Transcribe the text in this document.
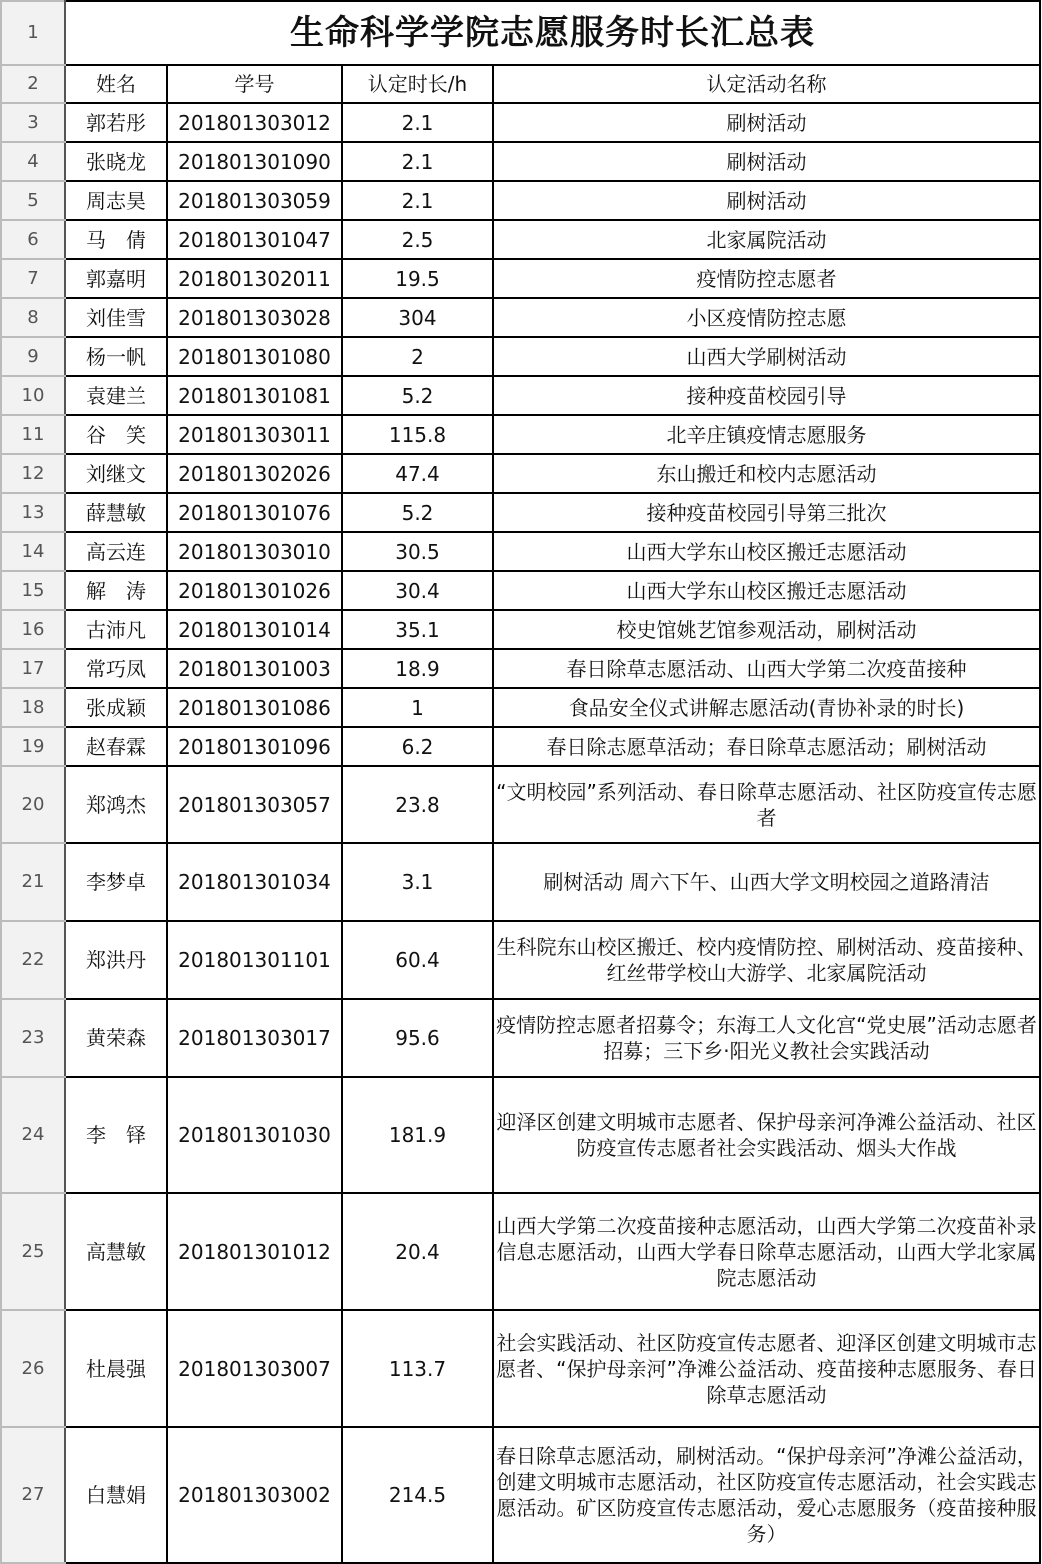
1	生命科学学院志愿服务时长汇总表			
2	姓名	学号	认定时长/h	认定活动名称
3	郭若彤	201801303012	2.1	刷树活动
4	张晓龙	201801301090	2.1	刷树活动
5	周志昊	201801303059	2.1	刷树活动
6	马　倩	201801301047	2.5	北家属院活动
7	郭嘉明	201801302011	19.5	疫情防控志愿者
8	刘佳雪	201801303028	304	小区疫情防控志愿
9	杨一帆	201801301080	2	山西大学刷树活动
10	袁建兰	201801301081	5.2	接种疫苗校园引导
11	谷　笑	201801303011	115.8	北辛庄镇疫情志愿服务
12	刘继文	201801302026	47.4	东山搬迁和校内志愿活动
13	薛慧敏	201801301076	5.2	接种疫苗校园引导第三批次
14	高云连	201801303010	30.5	山西大学东山校区搬迁志愿活动
15	解　涛	201801301026	30.4	山西大学东山校区搬迁志愿活动
16	古沛凡	201801301014	35.1	校史馆姚艺馆参观活动，刷树活动
17	常巧凤	201801301003	18.9	春日除草志愿活动、山西大学第二次疫苗接种
18	张成颖	201801301086	1	食品安全仪式讲解志愿活动(青协补录的时长)
19	赵春霖	201801301096	6.2	春日除志愿草活动；春日除草志愿活动；刷树活动
20	郑鸿杰	201801303057	23.8	“文明校园”系列活动、春日除草志愿活动、社区防疫宣传志愿者
21	李梦卓	201801301034	3.1	刷树活动 周六下午、山西大学文明校园之道路清洁
22	郑洪丹	201801301101	60.4	生科院东山校区搬迁、校内疫情防控、刷树活动、疫苗接种、红丝带学校山大游学、北家属院活动
23	黄荣森	201801303017	95.6	疫情防控志愿者招募令；东海工人文化宫“党史展”活动志愿者招募；三下乡·阳光义教社会实践活动
24	李　铎	201801301030	181.9	迎泽区创建文明城市志愿者、保护母亲河净滩公益活动、社区防疫宣传志愿者社会实践活动、烟头大作战
25	高慧敏	201801301012	20.4	山西大学第二次疫苗接种志愿活动，山西大学第二次疫苗补录信息志愿活动，山西大学春日除草志愿活动，山西大学北家属院志愿活动
26	杜晨强	201801303007	113.7	社会实践活动、社区防疫宣传志愿者、迎泽区创建文明城市志愿者、“保护母亲河”净滩公益活动、疫苗接种志愿服务、春日除草志愿活动
27	白慧娟	201801303002	214.5	春日除草志愿活动，刷树活动。“保护母亲河”净滩公益活动，创建文明城市志愿活动，社区防疫宣传志愿活动，社会实践志愿活动。矿区防疫宣传志愿活动，爱心志愿服务（疫苗接种服务）
